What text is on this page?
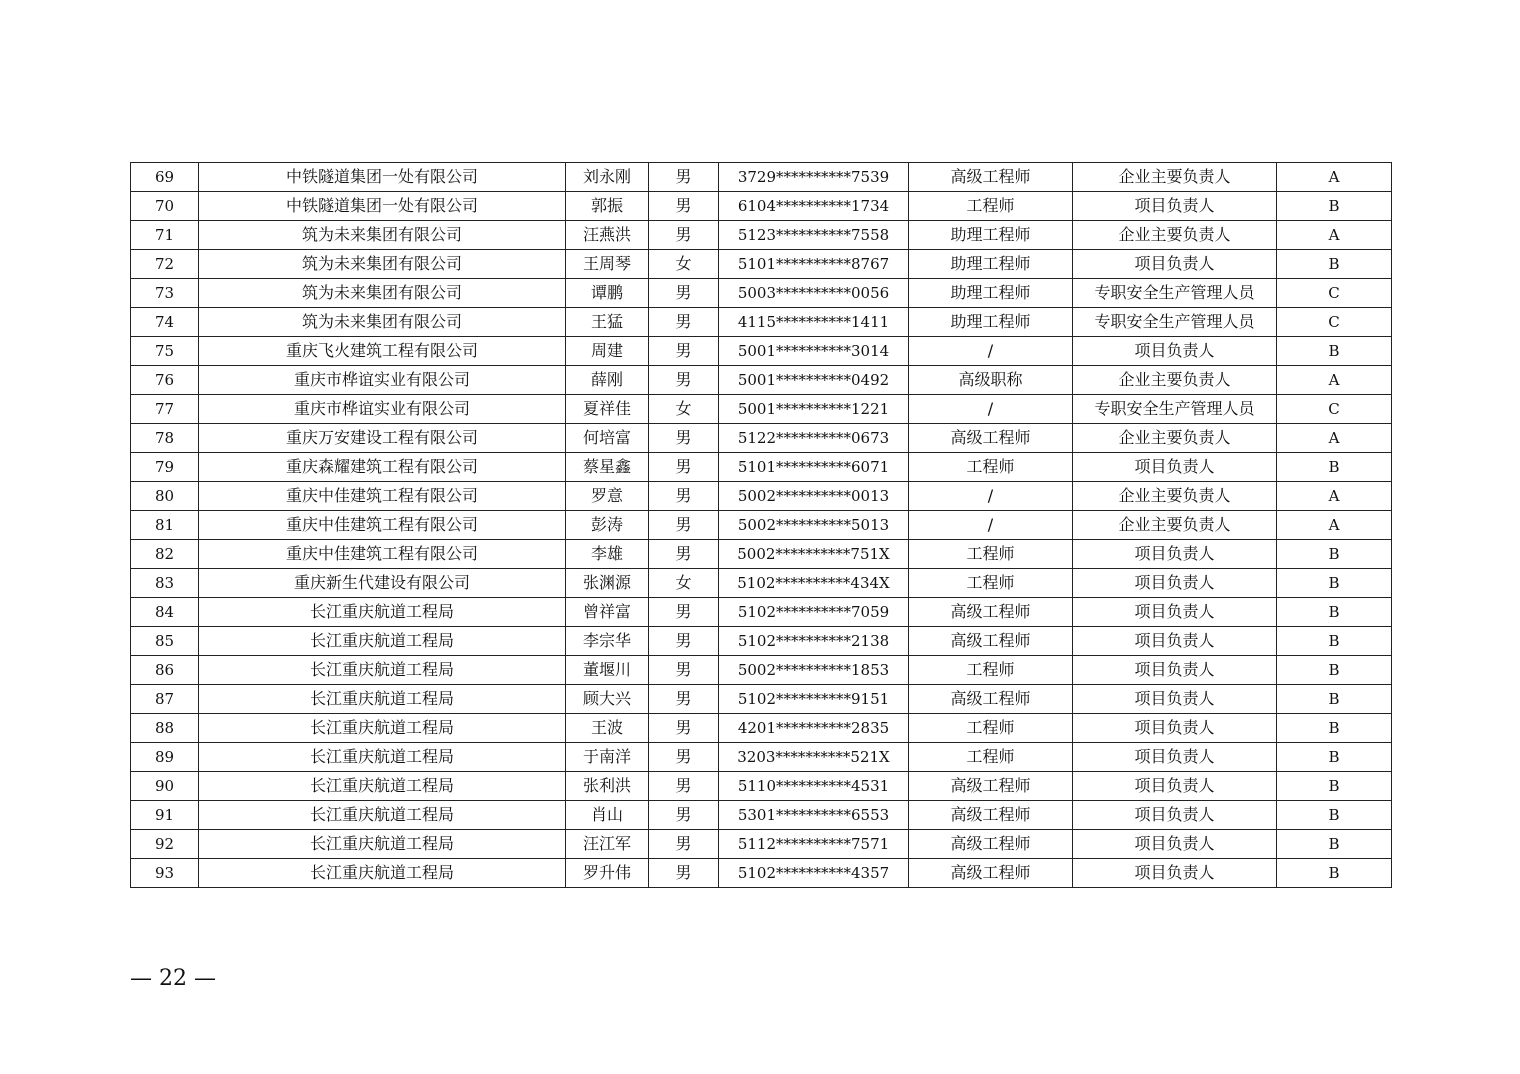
69	中铁隧道集团一处有限公司	刘永刚	男	3729**********7539	高级工程师	企业主要负责人	A
70	中铁隧道集团一处有限公司	郭振	男	6104**********1734	工程师	项目负责人	B
71	筑为未来集团有限公司	汪燕洪	男	5123**********7558	助理工程师	企业主要负责人	A
72	筑为未来集团有限公司	王周琴	女	5101**********8767	助理工程师	项目负责人	B
73	筑为未来集团有限公司	谭鹏	男	5003**********0056	助理工程师	专职安全生产管理人员	C
74	筑为未来集团有限公司	王猛	男	4115**********1411	助理工程师	专职安全生产管理人员	C
75	重庆飞火建筑工程有限公司	周建	男	5001**********3014	/	项目负责人	B
76	重庆市桦谊实业有限公司	薛刚	男	5001**********0492	高级职称	企业主要负责人	A
77	重庆市桦谊实业有限公司	夏祥佳	女	5001**********1221	/	专职安全生产管理人员	C
78	重庆万安建设工程有限公司	何培富	男	5122**********0673	高级工程师	企业主要负责人	A
79	重庆森耀建筑工程有限公司	蔡星鑫	男	5101**********6071	工程师	项目负责人	B
80	重庆中佳建筑工程有限公司	罗意	男	5002**********0013	/	企业主要负责人	A
81	重庆中佳建筑工程有限公司	彭涛	男	5002**********5013	/	企业主要负责人	A
82	重庆中佳建筑工程有限公司	李雄	男	5002**********751X	工程师	项目负责人	B
83	重庆新生代建设有限公司	张渊源	女	5102**********434X	工程师	项目负责人	B
84	长江重庆航道工程局	曾祥富	男	5102**********7059	高级工程师	项目负责人	B
85	长江重庆航道工程局	李宗华	男	5102**********2138	高级工程师	项目负责人	B
86	长江重庆航道工程局	董堰川	男	5002**********1853	工程师	项目负责人	B
87	长江重庆航道工程局	顾大兴	男	5102**********9151	高级工程师	项目负责人	B
88	长江重庆航道工程局	王波	男	4201**********2835	工程师	项目负责人	B
89	长江重庆航道工程局	于南洋	男	3203**********521X	工程师	项目负责人	B
90	长江重庆航道工程局	张利洪	男	5110**********4531	高级工程师	项目负责人	B
91	长江重庆航道工程局	肖山	男	5301**********6553	高级工程师	项目负责人	B
92	长江重庆航道工程局	汪江军	男	5112**********7571	高级工程师	项目负责人	B
93	长江重庆航道工程局	罗升伟	男	5102**********4357	高级工程师	项目负责人	B
— 22 —
